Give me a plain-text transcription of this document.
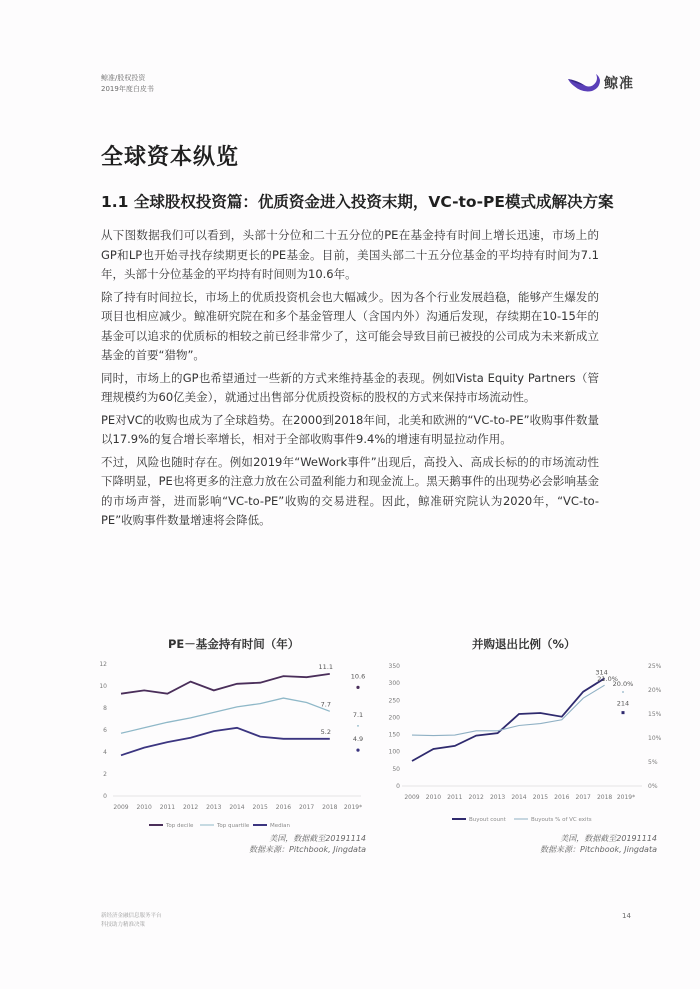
鲸准/股权投资
2019年度白皮书	鲸准
全球资本纵览
1.1 全球股权投资篇：优质资金进入投资末期，VC-to-PE模式成解决方案

从下图数据我们可以看到，头部十分位和二十五分位的PE在基金持有时间上增长迅速，市场上的GP和LP也开始寻找存续期更长的PE基金。目前，美国头部二十五分位基金的平均持有时间为7.1年，头部十分位基金的平均持有时间则为10.6年。

除了持有时间拉长，市场上的优质投资机会也大幅减少。因为各个行业发展趋稳，能够产生爆发的项目也相应减少。鲸准研究院在和多个基金管理人（含国内外）沟通后发现，存续期在10-15年的基金可以追求的优质标的相较之前已经非常少了，这可能会导致目前已被投的公司成为未来新成立基金的首要“猎物”。

同时，市场上的GP也希望通过一些新的方式来维持基金的表现。例如Vista Equity Partners（管理规模约为60亿美金），就通过出售部分优质投资标的股权的方式来保持市场流动性。

PE对VC的收购也成为了全球趋势。在2000到2018年间，北美和欧洲的“VC-to-PE”收购事件数量以17.9%的复合增长率增长，相对于全部收购事件9.4%的增速有明显拉动作用。

不过，风险也随时存在。例如2019年“WeWork事件”出现后，高投入、高成长标的的市场流动性下降明显，PE也将更多的注意力放在公司盈利能力和现金流上。黑天鹅事件的出现势必会影响基金的市场声誉，进而影响“VC-to-PE”收购的交易进程。因此，鲸准研究院认为2020年，“VC-to-PE”收购事件数量增速将会降低。

PE－基金持有时间（年）
0
2
4
6
8
10
12
2009 2010 2011 2012 2013 2014 2015 2016 2017 2018 2019*
11.1
10.6
7.7
7.1
5.2
4.9
Top decile	Top quartile	Median
美国，数据截至20191114
数据来源：Pitchbook, Jingdata
并购退出比例（%）
0
50
100
150
200
250
300
350
0%
5%
10%
15%
20%
25%
2009 2010 2011 2012 2013 2014 2015 2016 2017 2018 2019*
314
214
21.0%
20.0%
Buyout count	Buyouts % of VC exits
美国，数据截至20191114
数据来源：Pitchbook, Jingdata
新经济金融信息服务平台
科技助力精准决策
14
